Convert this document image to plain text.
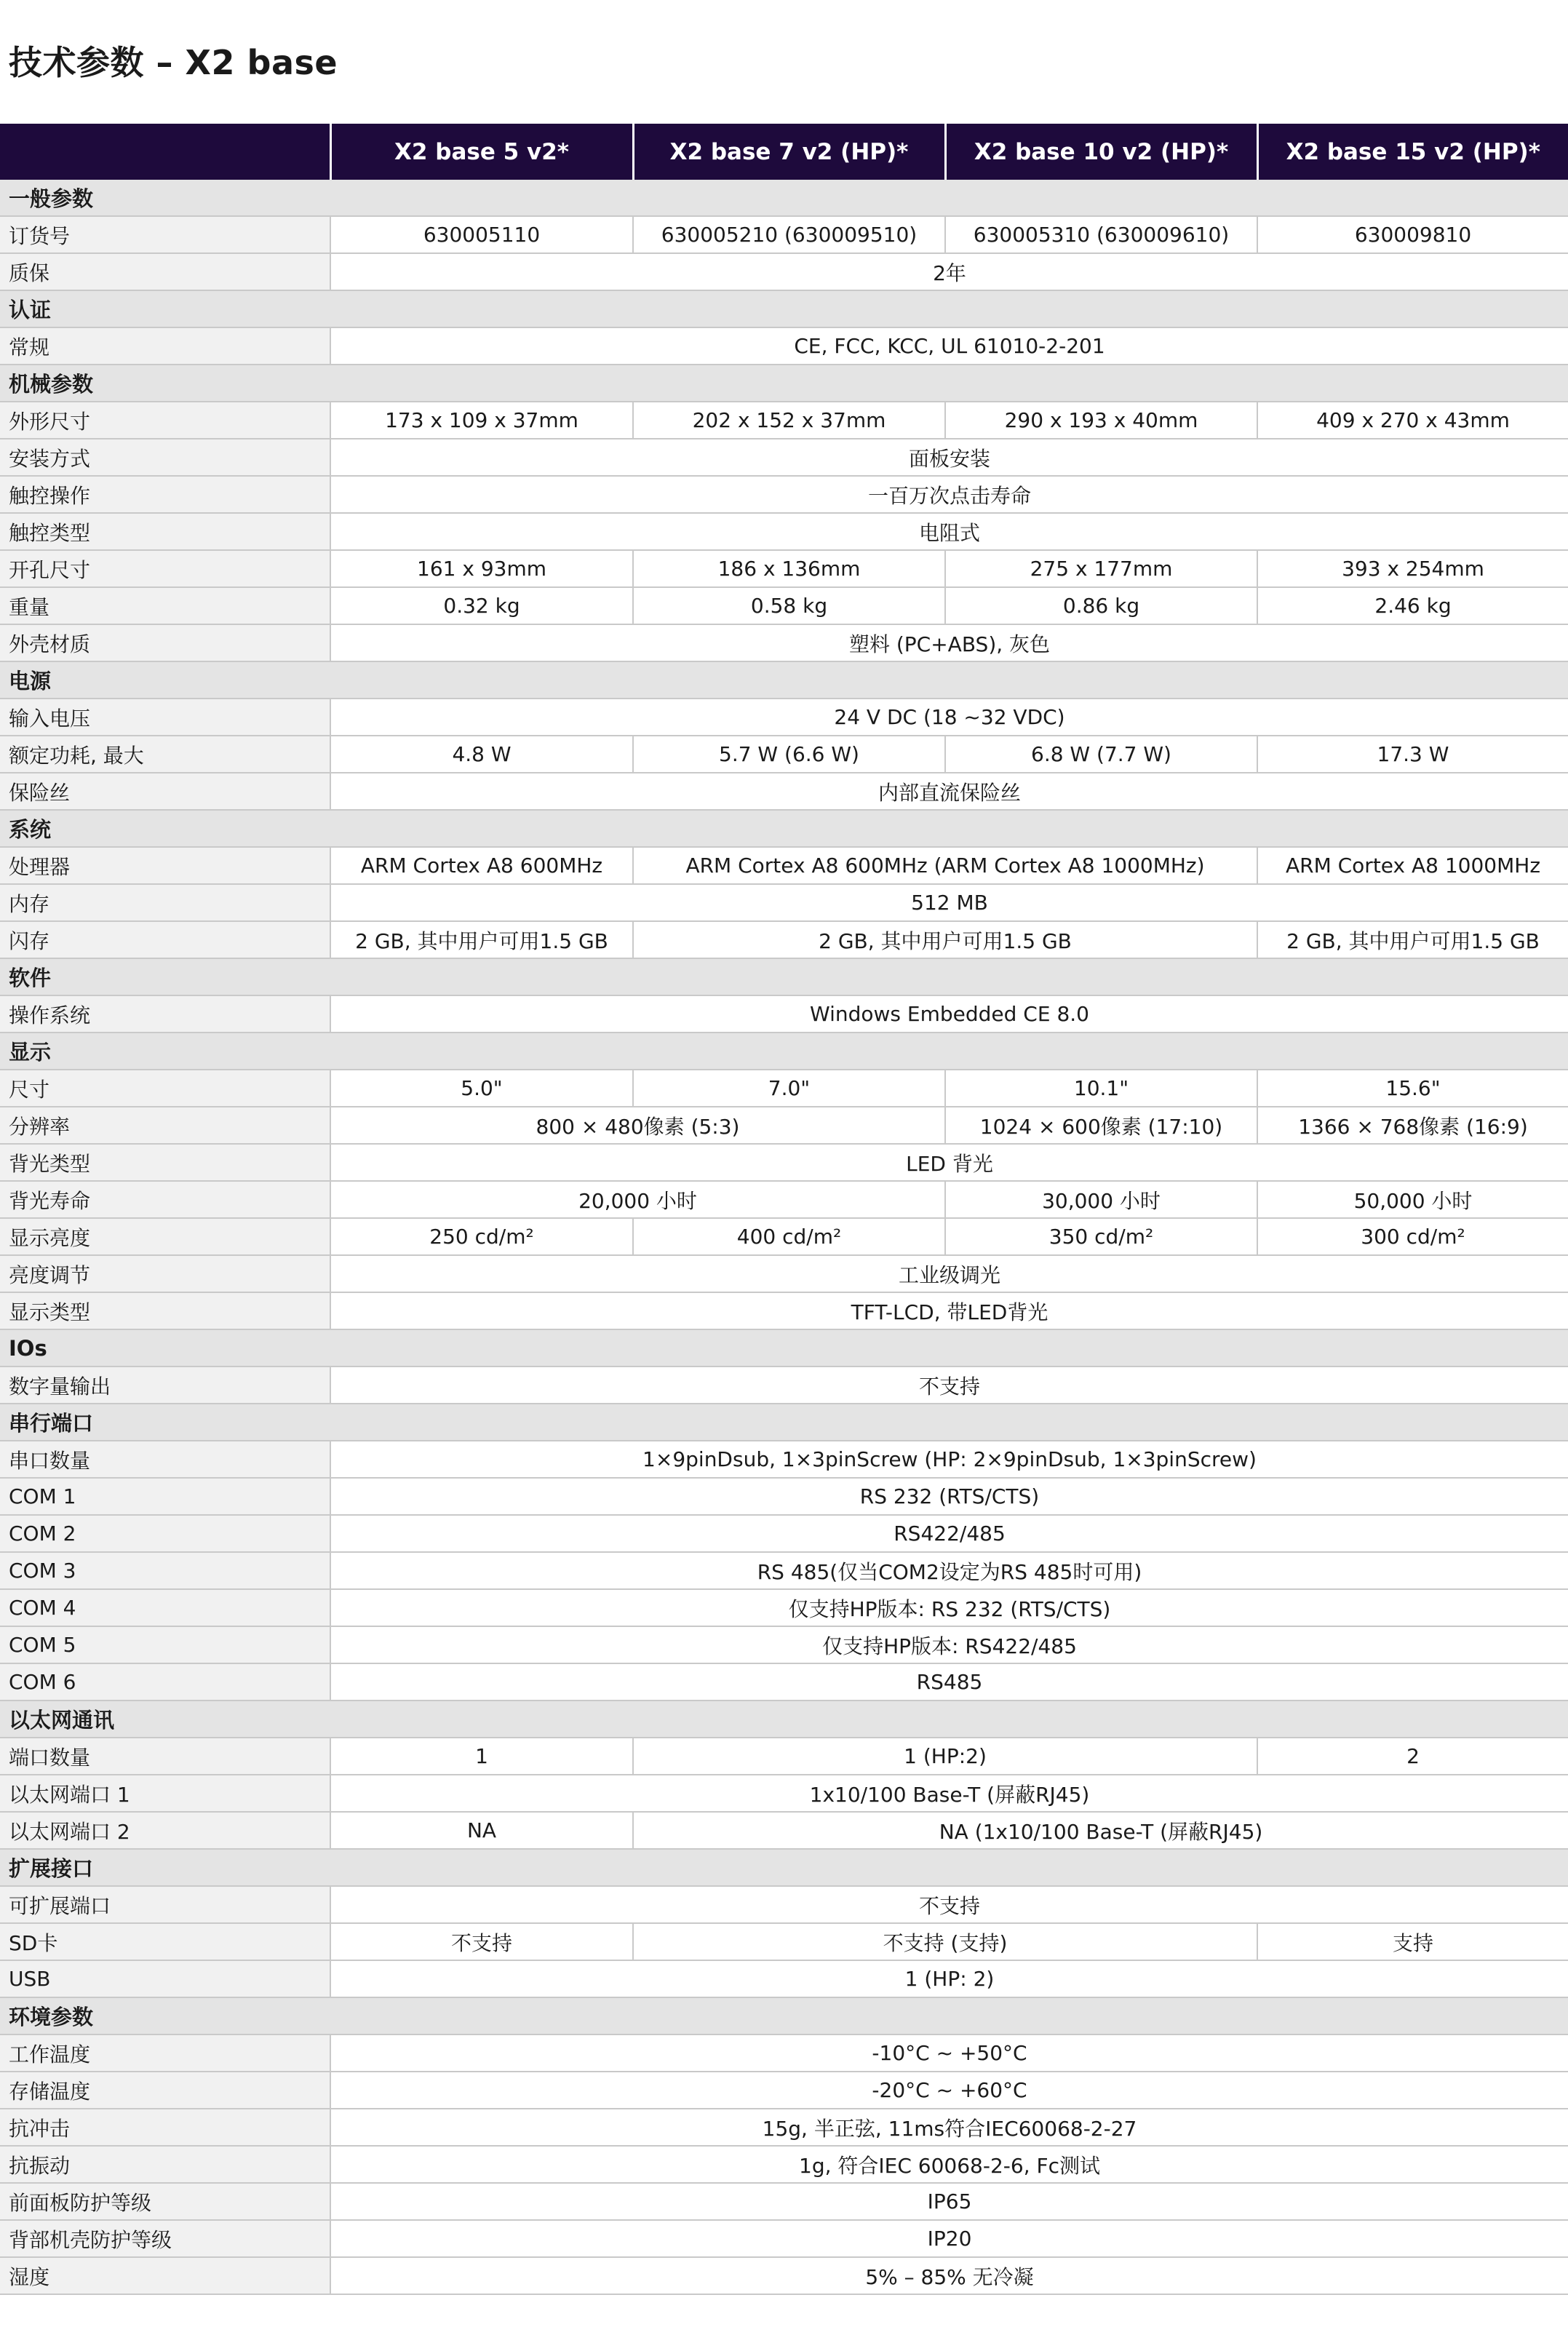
技术参数 – X2 base
	X2 base 5 v2*	X2 base 7 v2 (HP)*	X2 base 10 v2 (HP)*	X2 base 15 v2 (HP)*
一般参数				
订货号	630005110	630005210 (630009510)	630005310 (630009610)	630009810
质保	2年			
认证				
常规	CE, FCC, KCC, UL 61010-2-201			
机械参数				
外形尺寸	173 x 109 x 37mm	202 x 152 x 37mm	290 x 193 x 40mm	409 x 270 x 43mm
安装方式	面板安装			
触控操作	一百万次点击寿命			
触控类型	电阻式			
开孔尺寸	161 x 93mm	186 x 136mm	275 x 177mm	393 x 254mm
重量	0.32 kg	0.58 kg	0.86 kg	2.46 kg
外壳材质	塑料 (PC+ABS), 灰色			
电源				
输入电压	24 V DC (18 ~32 VDC)			
额定功耗, 最大	4.8 W	5.7 W (6.6 W)	6.8 W (7.7 W)	17.3 W
保险丝	内部直流保险丝			
系统				
处理器	ARM Cortex A8 600MHz	ARM Cortex A8 600MHz (ARM Cortex A8 1000MHz)		ARM Cortex A8 1000MHz
内存	512 MB			
闪存	2 GB, 其中用户可用1.5 GB	2 GB, 其中用户可用1.5 GB		2 GB, 其中用户可用1.5 GB
软件				
操作系统	Windows Embedded CE 8.0			
显示				
尺寸	5.0"	7.0"	10.1"	15.6"
分辨率	800 × 480像素 (5:3)		1024 × 600像素 (17:10)	1366 × 768像素 (16:9)
背光类型	LED 背光			
背光寿命	20,000 小时		30,000 小时	50,000 小时
显示亮度	250 cd/m²	400 cd/m²	350 cd/m²	300 cd/m²
亮度调节	工业级调光			
显示类型	TFT-LCD, 带LED背光			
IOs				
数字量输出	不支持			
串行端口				
串口数量	1×9pinDsub, 1×3pinScrew (HP: 2×9pinDsub, 1×3pinScrew)			
COM 1	RS 232 (RTS/CTS)			
COM 2	RS422/485			
COM 3	RS 485(仅当COM2设定为RS 485时可用)			
COM 4	仅支持HP版本: RS 232 (RTS/CTS)			
COM 5	仅支持HP版本: RS422/485			
COM 6	RS485			
以太网通讯				
端口数量	1	1 (HP:2)		2
以太网端口 1	1x10/100 Base-T (屏蔽RJ45)			
以太网端口 2	NA	NA (1x10/100 Base-T (屏蔽RJ45)		
扩展接口				
可扩展端口	不支持			
SD卡	不支持	不支持 (支持)		支持
USB	1 (HP: 2)			
环境参数				
工作温度	-10°C ~ +50°C			
存储温度	-20°C ~ +60°C			
抗冲击	15g, 半正弦, 11ms符合IEC60068-2-27			
抗振动	1g, 符合IEC 60068-2-6, Fc测试			
前面板防护等级	IP65			
背部机壳防护等级	IP20			
湿度	5% – 85% 无冷凝			
